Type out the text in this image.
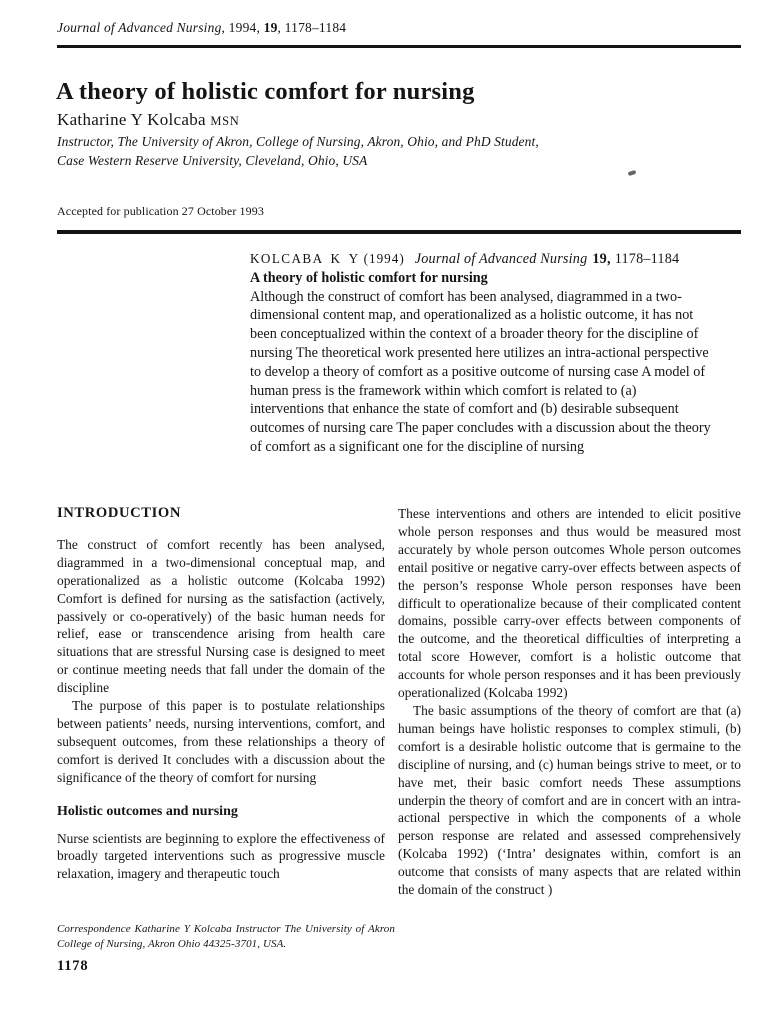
Journal of Advanced Nursing, 1994, 19, 1178–1184
A theory of holistic comfort for nursing
Katharine Y Kolcaba MSN
Instructor, The University of Akron, College of Nursing, Akron, Ohio, and PhD Student,
Case Western Reserve University, Cleveland, Ohio, USA
Accepted for publication 27 October 1993
KOLCABA K Y (1994) Journal of Advanced Nursing 19, 1178–1184
A theory of holistic comfort for nursing
Although the construct of comfort has been analysed, diagrammed in a two-dimensional content map, and operationalized as a holistic outcome, it has not been conceptualized within the context of a broader theory for the discipline of nursing The theoretical work presented here utilizes an intra-actional perspective to develop a theory of comfort as a positive outcome of nursing case A model of human press is the framework within which comfort is related to (a) interventions that enhance the state of comfort and (b) desirable subsequent outcomes of nursing care The paper concludes with a discussion about the theory of comfort as a significant one for the discipline of nursing
INTRODUCTION

The construct of comfort recently has been analysed, diagrammed in a two-dimensional conceptual map, and operationalized as a holistic outcome (Kolcaba 1992) Comfort is defined for nursing as the satisfaction (actively, passively or co-operatively) of the basic human needs for relief, ease or transcendence arising from health care situations that are stressful Nursing case is designed to meet or continue meeting needs that fall under the domain of the discipline

The purpose of this paper is to postulate relationships between patients’ needs, nursing interventions, comfort, and subsequent outcomes, from these relationships a theory of comfort is derived It concludes with a discussion about the significance of the theory of comfort for nursing

Holistic outcomes and nursing

Nurse scientists are beginning to explore the effectiveness of broadly targeted interventions such as progressive muscle relaxation, imagery and therapeutic touch

These interventions and others are intended to elicit positive whole person responses and thus would be measured most accurately by whole person outcomes Whole person outcomes entail positive or negative carry-over effects between aspects of the person’s response Whole person responses have been difficult to operationalize because of their complicated content domains, possible carry-over effects between components of the outcome, and the theoretical difficulties of interpreting a total score However, comfort is a holistic outcome that accounts for whole person responses and it has been previously operationalized (Kolcaba 1992)

The basic assumptions of the theory of comfort are that (a) human beings have holistic responses to complex stimuli, (b) comfort is a desirable holistic outcome that is germaine to the discipline of nursing, and (c) human beings strive to meet, or to have met, their basic comfort needs These assumptions underpin the theory of comfort and are in concert with an intra-actional perspective in which the components of a whole person response are related and assessed comprehensively (Kolcaba 1992) (‘Intra’ designates within, comfort is an outcome that consists of many aspects that are related within the domain of the construct )

Correspondence Katharine Y Kolcaba Instructor The University of Akron College of Nursing, Akron Ohio 44325-3701, USA.
1178
